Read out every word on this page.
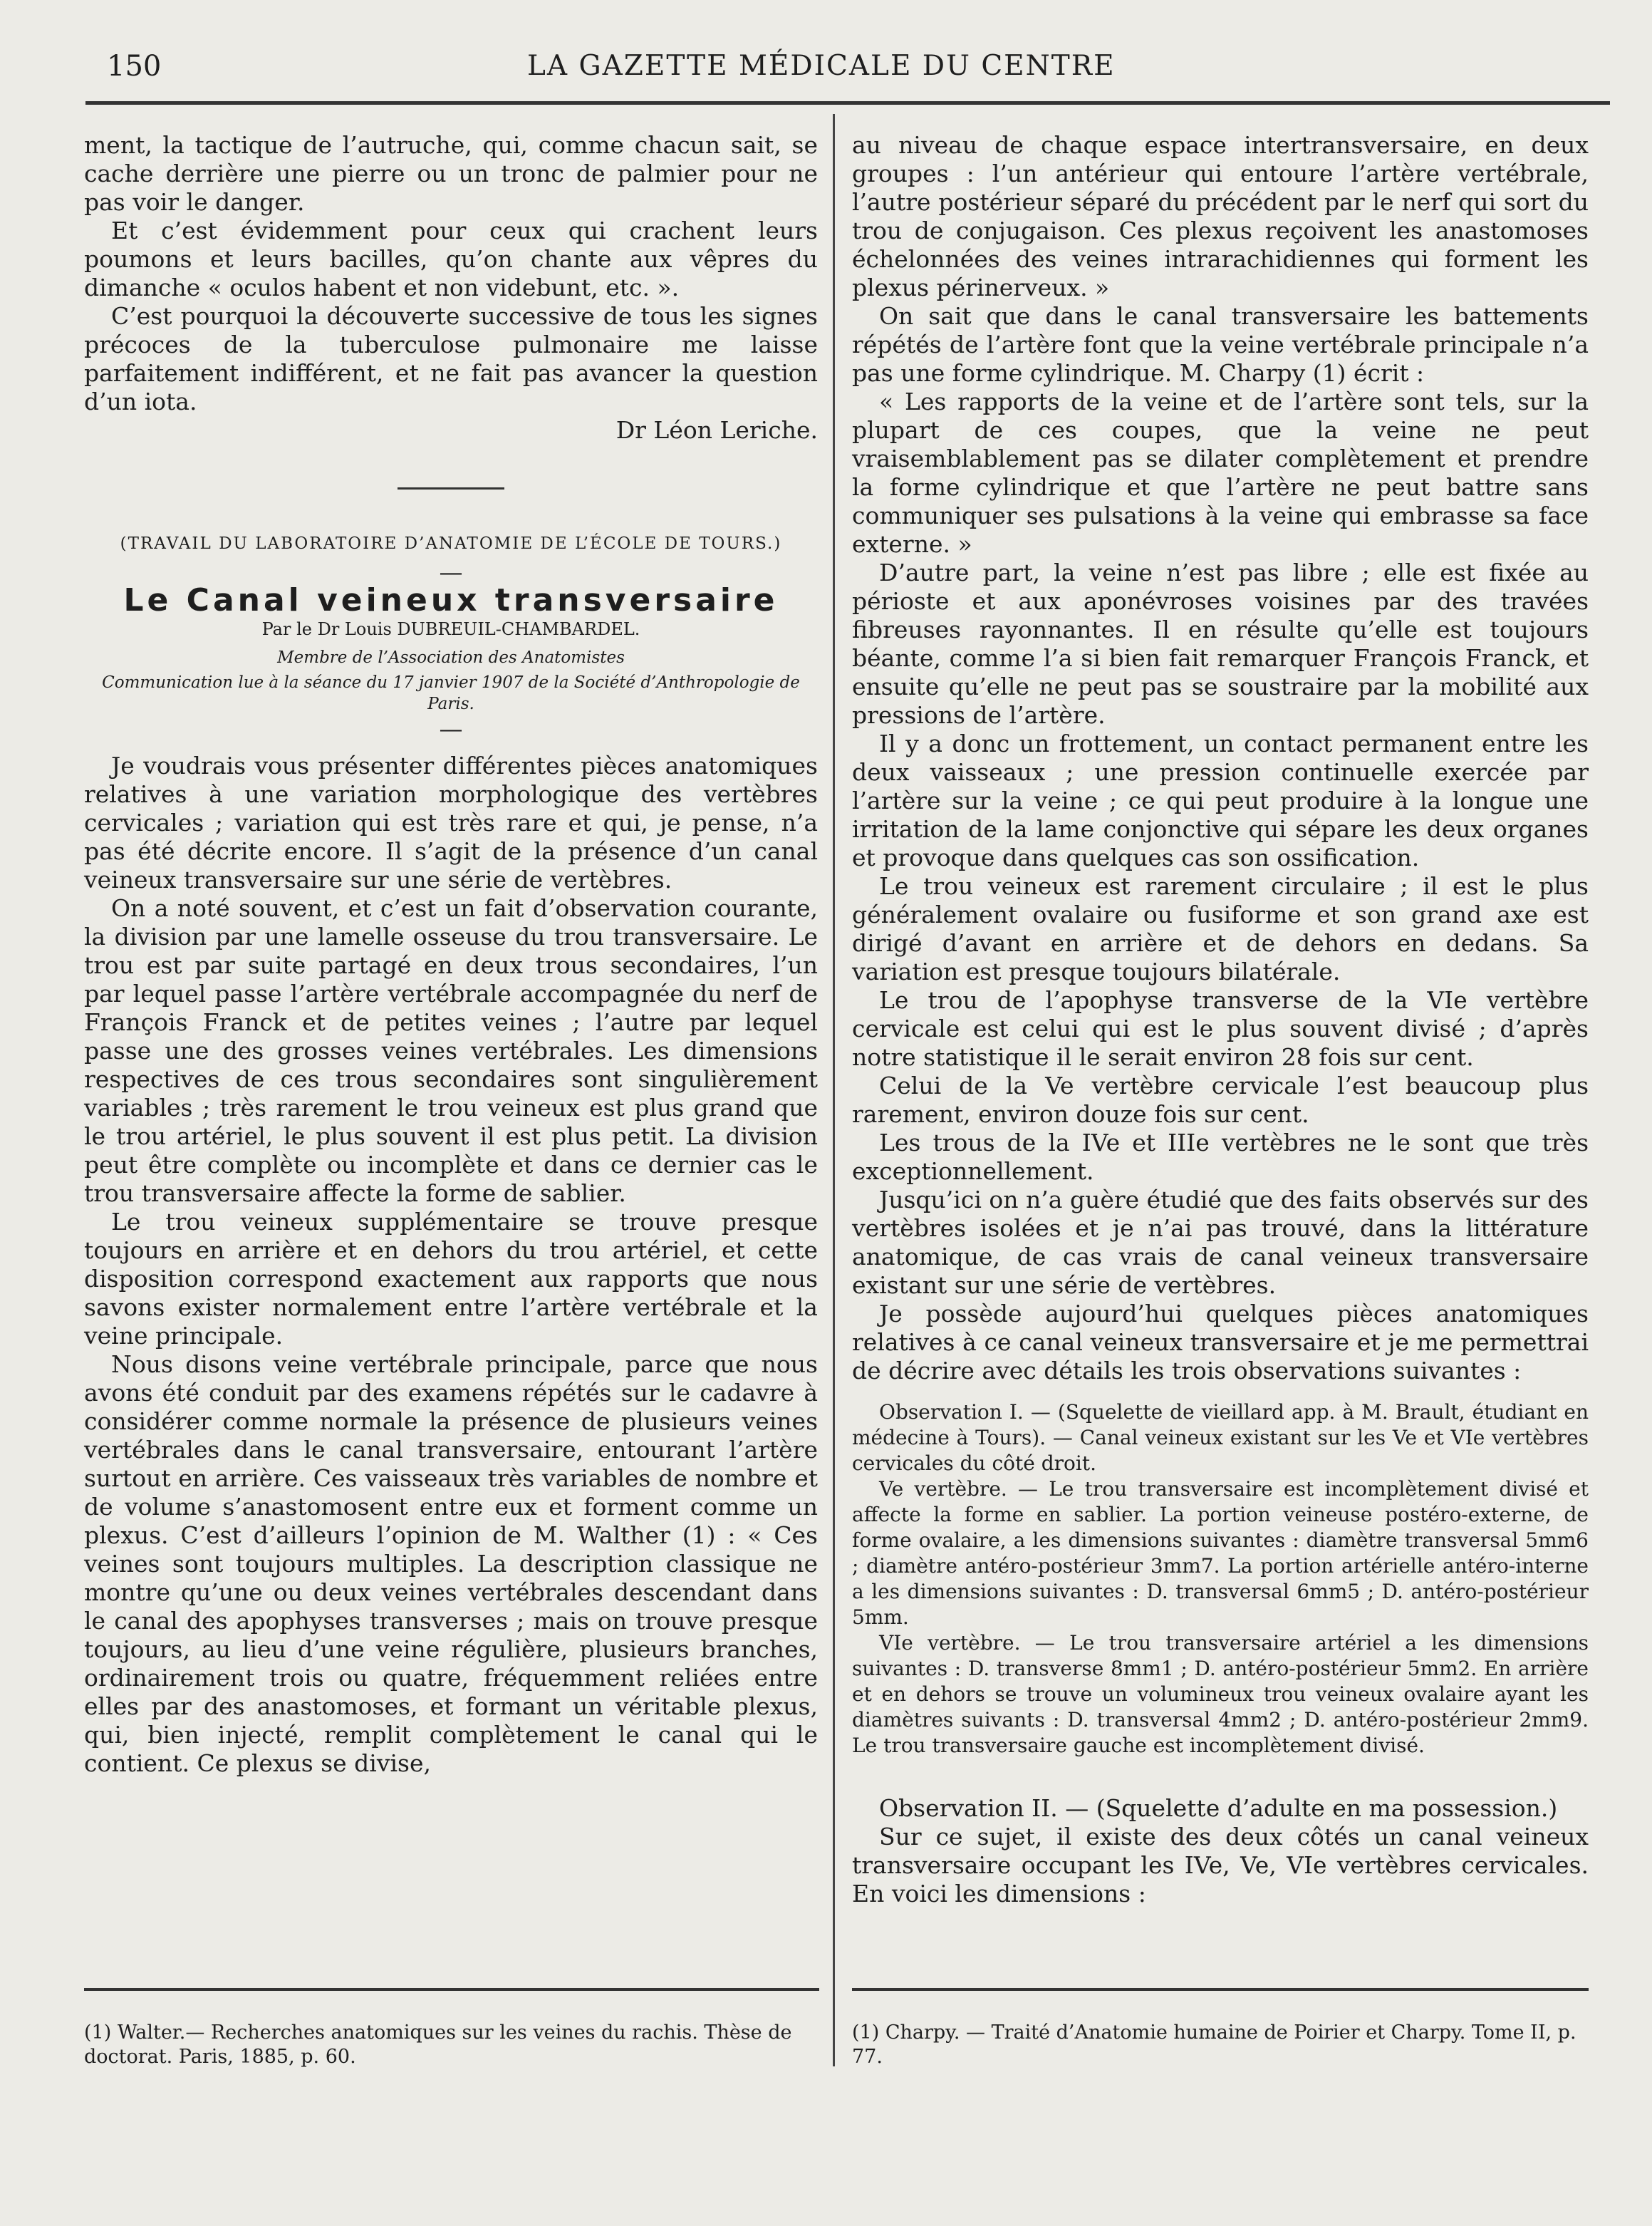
150	LA GAZETTE MÉDICALE DU CENTRE

ment, la tactique de l’autruche, qui, comme chacun sait, se cache derrière une pierre ou un tronc de palmier pour ne pas voir le danger.

Et c’est évidemment pour ceux qui crachent leurs poumons et leurs bacilles, qu’on chante aux vêpres du dimanche « oculos habent et non videbunt, etc. ».

C’est pourquoi la découverte successive de tous les signes précoces de la tuberculose pulmonaire me laisse parfaitement indifférent, et ne fait pas avancer la question d’un iota.

Dr Léon Leriche.

(TRAVAIL DU LABORATOIRE D’ANATOMIE DE L’ÉCOLE DE TOURS.)

—

Le Canal veineux transversaire

Par le Dr Louis DUBREUIL-CHAMBARDEL.

Membre de l’Association des Anatomistes

Communication lue à la séance du 17 janvier 1907 de la Société d’Anthropologie de Paris.

—

Je voudrais vous présenter différentes pièces anatomiques relatives à une variation morphologique des vertèbres cervicales ; variation qui est très rare et qui, je pense, n’a pas été décrite encore. Il s’agit de la présence d’un canal veineux transversaire sur une série de vertèbres.

On a noté souvent, et c’est un fait d’observation courante, la division par une lamelle osseuse du trou transversaire. Le trou est par suite partagé en deux trous secondaires, l’un par lequel passe l’artère vertébrale accompagnée du nerf de François Franck et de petites veines ; l’autre par lequel passe une des grosses veines vertébrales. Les dimensions respectives de ces trous secondaires sont singulièrement variables ; très rarement le trou veineux est plus grand que le trou artériel, le plus souvent il est plus petit. La division peut être complète ou incomplète et dans ce dernier cas le trou transversaire affecte la forme de sablier.

Le trou veineux supplémentaire se trouve presque toujours en arrière et en dehors du trou artériel, et cette disposition correspond exactement aux rapports que nous savons exister normalement entre l’artère vertébrale et la veine principale.

Nous disons veine vertébrale principale, parce que nous avons été conduit par des examens répétés sur le cadavre à considérer comme normale la présence de plusieurs veines vertébrales dans le canal transversaire, entourant l’artère surtout en arrière. Ces vaisseaux très variables de nombre et de volume s’anastomosent entre eux et forment comme un plexus. C’est d’ailleurs l’opinion de M. Walther (1) : « Ces veines sont toujours multiples. La description classique ne montre qu’une ou deux veines vertébrales descendant dans le canal des apophyses transverses ; mais on trouve presque toujours, au lieu d’une veine régulière, plusieurs branches, ordinairement trois ou quatre, fréquemment reliées entre elles par des anastomoses, et formant un véritable plexus, qui, bien injecté, remplit complètement le canal qui le contient. Ce plexus se divise,

au niveau de chaque espace intertransversaire, en deux groupes : l’un antérieur qui entoure l’artère vertébrale, l’autre postérieur séparé du précédent par le nerf qui sort du trou de conjugaison. Ces plexus reçoivent les anastomoses échelonnées des veines intrarachidiennes qui forment les plexus périnerveux. »

On sait que dans le canal transversaire les battements répétés de l’artère font que la veine vertébrale principale n’a pas une forme cylindrique. M. Charpy (1) écrit :

« Les rapports de la veine et de l’artère sont tels, sur la plupart de ces coupes, que la veine ne peut vraisemblablement pas se dilater complètement et prendre la forme cylindrique et que l’artère ne peut battre sans communiquer ses pulsations à la veine qui embrasse sa face externe. »

D’autre part, la veine n’est pas libre ; elle est fixée au périoste et aux aponévroses voisines par des travées fibreuses rayonnantes. Il en résulte qu’elle est toujours béante, comme l’a si bien fait remarquer François Franck, et ensuite qu’elle ne peut pas se soustraire par la mobilité aux pressions de l’artère.

Il y a donc un frottement, un contact permanent entre les deux vaisseaux ; une pression continuelle exercée par l’artère sur la veine ; ce qui peut produire à la longue une irritation de la lame conjonctive qui sépare les deux organes et provoque dans quelques cas son ossification.

Le trou veineux est rarement circulaire ; il est le plus généralement ovalaire ou fusiforme et son grand axe est dirigé d’avant en arrière et de dehors en dedans. Sa variation est presque toujours bilatérale.

Le trou de l’apophyse transverse de la VIe vertèbre cervicale est celui qui est le plus souvent divisé ; d’après notre statistique il le serait environ 28 fois sur cent.

Celui de la Ve vertèbre cervicale l’est beaucoup plus rarement, environ douze fois sur cent.

Les trous de la IVe et IIIe vertèbres ne le sont que très exceptionnellement.

Jusqu’ici on n’a guère étudié que des faits observés sur des vertèbres isolées et je n’ai pas trouvé, dans la littérature anatomique, de cas vrais de canal veineux transversaire existant sur une série de vertèbres.

Je possède aujourd’hui quelques pièces anatomiques relatives à ce canal veineux transversaire et je me permettrai de décrire avec détails les trois observations suivantes :

Observation I. — (Squelette de vieillard app. à M. Brault, étudiant en médecine à Tours). — Canal veineux existant sur les Ve et VIe vertèbres cervicales du côté droit.

Ve vertèbre. — Le trou transversaire est incomplètement divisé et affecte la forme en sablier. La portion veineuse postéro-externe, de forme ovalaire, a les dimensions suivantes : diamètre transversal 5mm6 ; diamètre antéro-postérieur 3mm7. La portion artérielle antéro-interne a les dimensions suivantes : D. transversal 6mm5 ; D. antéro-postérieur 5mm.

VIe vertèbre. — Le trou transversaire artériel a les dimensions suivantes : D. transverse 8mm1 ; D. antéro-postérieur 5mm2. En arrière et en dehors se trouve un volumineux trou veineux ovalaire ayant les diamètres suivants : D. transversal 4mm2 ; D. antéro-postérieur 2mm9. Le trou transversaire gauche est incomplètement divisé.

Observation II. — (Squelette d’adulte en ma possession.)

Sur ce sujet, il existe des deux côtés un canal veineux transversaire occupant les IVe, Ve, VIe vertèbres cervicales. En voici les dimensions :

(1) Walter.— Recherches anatomiques sur les veines du rachis. Thèse de doctorat. Paris, 1885, p. 60.
(1) Charpy. — Traité d’Anatomie humaine de Poirier et Charpy. Tome II, p. 77.
